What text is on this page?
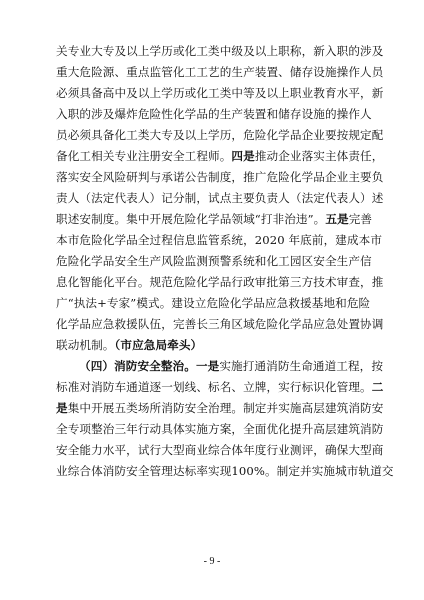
关专业大专及以上学历或化工类中级及以上职称，新入职的涉及
重大危险源、重点监管化工工艺的生产装置、储存设施操作人员
必须具备高中及以上学历或化工类中等及以上职业教育水平，新
入职的涉及爆炸危险性化学品的生产装置和储存设施的操作人
员必须具备化工类大专及以上学历，危险化学品企业要按规定配
备化工相关专业注册安全工程师。四是推动企业落实主体责任，
落实安全风险研判与承诺公告制度，推广危险化学品企业主要负
责人（法定代表人）记分制，试点主要负责人（法定代表人）述
职述安制度。集中开展危险化学品领域“打非治违”。五是完善
本市危险化学品全过程信息监管系统，2020 年底前，建成本市
危险化学品安全生产风险监测预警系统和化工园区安全生产信
息化智能化平台。规范危险化学品行政审批第三方技术审查，推
广“执法+专家”模式。建设立危险化学品应急救援基地和危险
化学品应急救援队伍，完善长三角区域危险化学品应急处置协调
联动机制。（市应急局牵头）
（四）消防安全整治。一是实施打通消防生命通道工程，按
标准对消防车通道逐一划线、标名、立牌，实行标识化管理。二
是集中开展五类场所消防安全治理。制定并实施高层建筑消防安
全专项整治三年行动具体实施方案，全面优化提升高层建筑消防
安全能力水平，试行大型商业综合体年度行业测评，确保大型商
业综合体消防安全管理达标率实现100%。制定并实施城市轨道交
- 9 -
